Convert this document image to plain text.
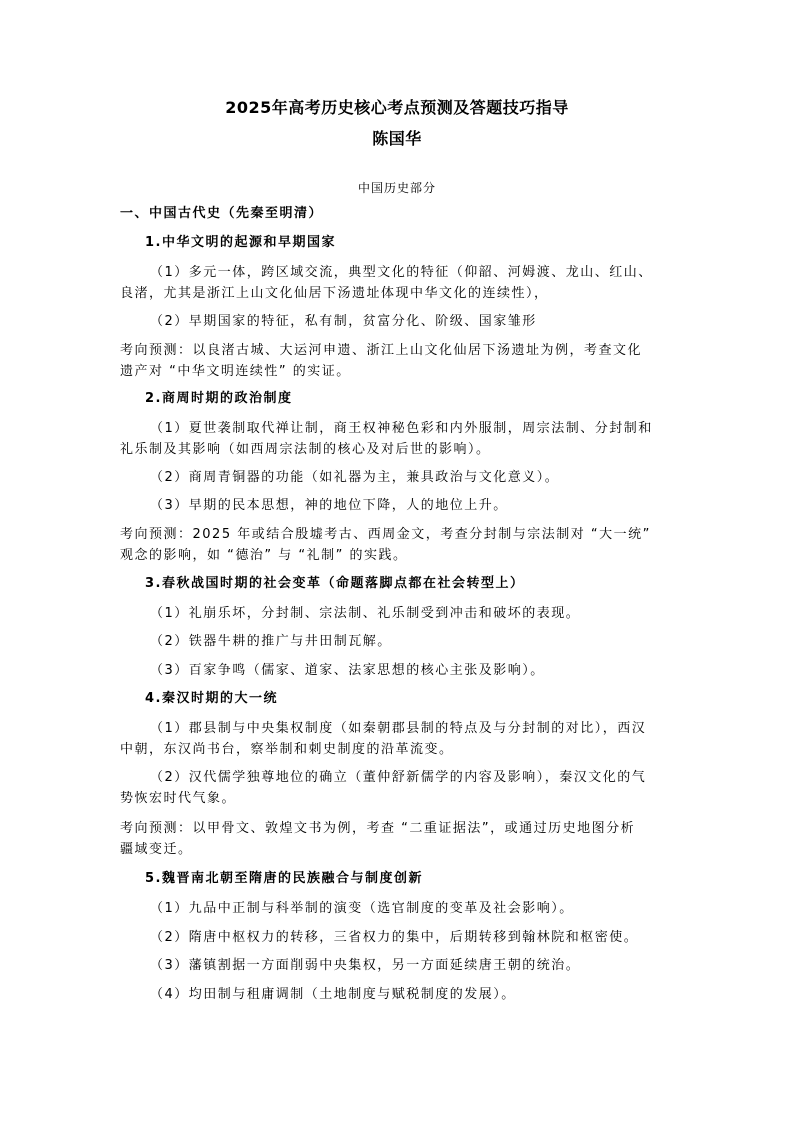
2025年高考历史核心考点预测及答题技巧指导
陈国华
中国历史部分
一、中国古代史（先秦至明清）
1.中华文明的起源和早期国家
（1）多元一体，跨区域交流，典型文化的特征（仰韶、河姆渡、龙山、红山、
良渚，尤其是浙江上山文化仙居下汤遗址体现中华文化的连续性），
（2）早期国家的特征，私有制，贫富分化、阶级、国家雏形
考向预测：以良渚古城、大运河申遗、浙江上山文化仙居下汤遗址为例，考查文化
遗产对 “中华文明连续性” 的实证。
2.商周时期的政治制度
（1）夏世袭制取代禅让制，商王权神秘色彩和内外服制，周宗法制、分封制和
礼乐制及其影响（如西周宗法制的核心及对后世的影响）。
（2）商周青铜器的功能（如礼器为主，兼具政治与文化意义）。
（3）早期的民本思想，神的地位下降，人的地位上升。
考向预测：2025 年或结合殷墟考古、西周金文，考查分封制与宗法制对 “大一统”
观念的影响，如 “德治” 与 “礼制” 的实践。
3.春秋战国时期的社会变革（命题落脚点都在社会转型上）
（1）礼崩乐坏，分封制、宗法制、礼乐制受到冲击和破坏的表现。
（2）铁器牛耕的推广与井田制瓦解。
（3）百家争鸣（儒家、道家、法家思想的核心主张及影响）。
4.秦汉时期的大一统
（1）郡县制与中央集权制度（如秦朝郡县制的特点及与分封制的对比），西汉
中朝，东汉尚书台，察举制和刺史制度的沿革流变。
（2）汉代儒学独尊地位的确立（董仲舒新儒学的内容及影响），秦汉文化的气
势恢宏时代气象。
考向预测：以甲骨文、敦煌文书为例，考查 “二重证据法”，或通过历史地图分析
疆域变迁。
5.魏晋南北朝至隋唐的民族融合与制度创新
（1）九品中正制与科举制的演变（选官制度的变革及社会影响）。
（2）隋唐中枢权力的转移，三省权力的集中，后期转移到翰林院和枢密使。
（3）藩镇割据一方面削弱中央集权，另一方面延续唐王朝的统治。
（4）均田制与租庸调制（土地制度与赋税制度的发展）。
